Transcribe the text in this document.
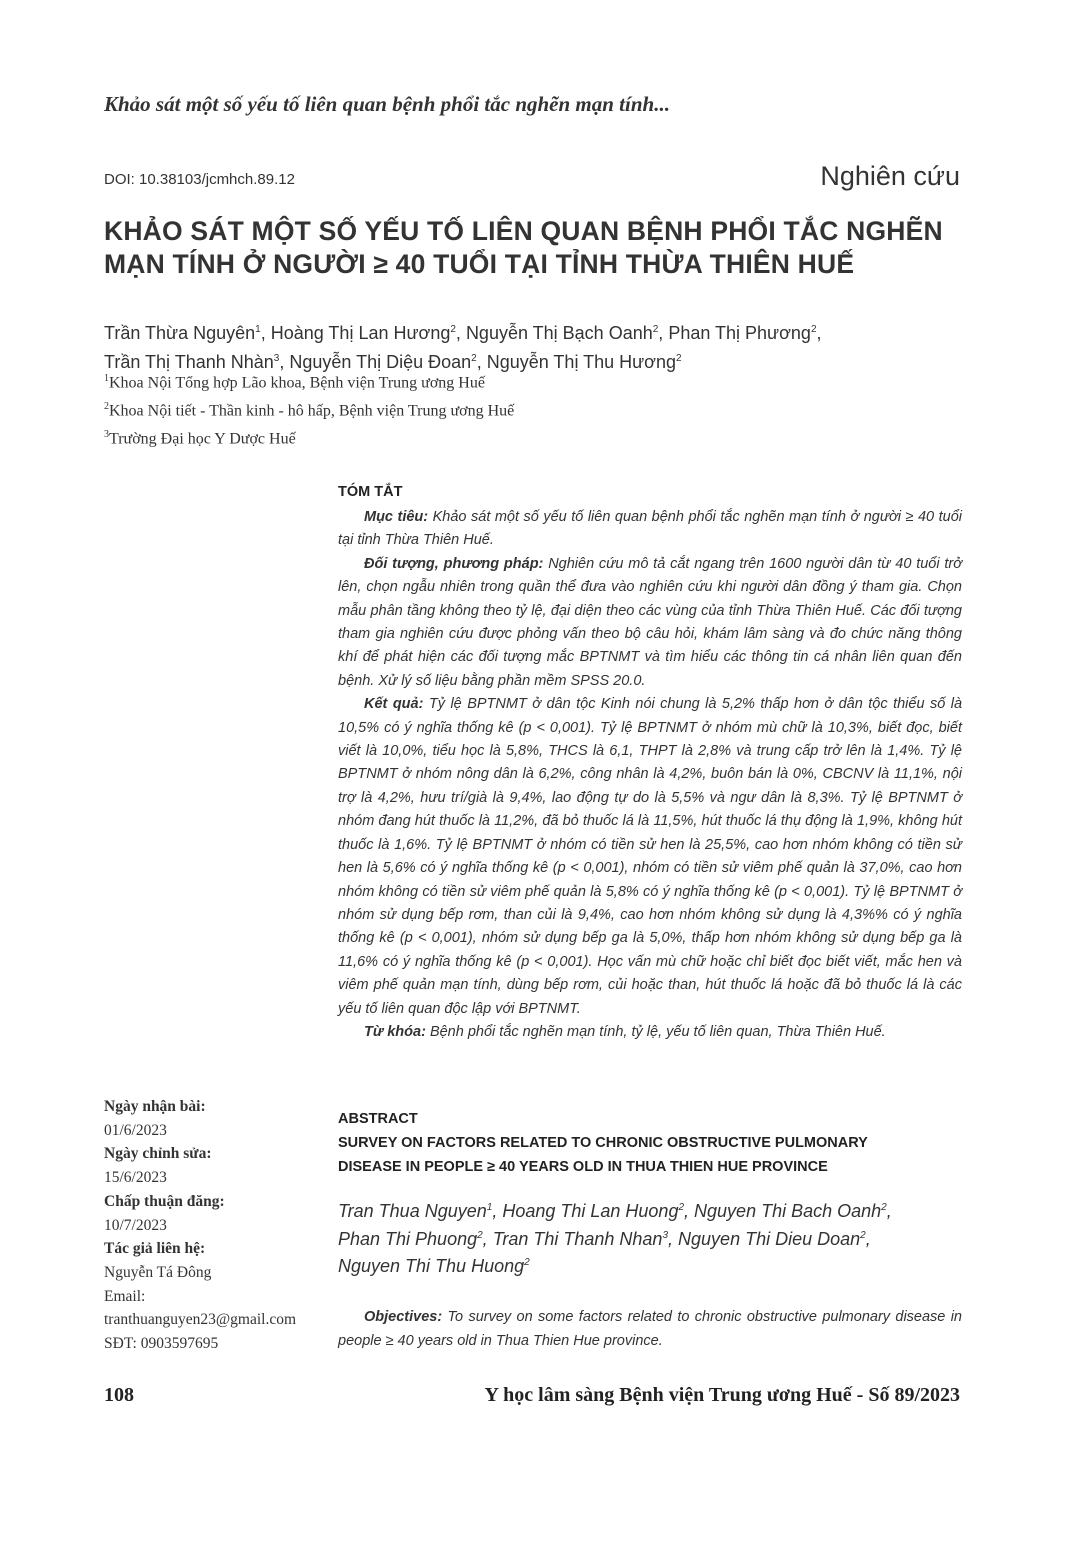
Khảo sát một số yếu tố liên quan bệnh phổi tắc nghẽn mạn tính...
DOI: 10.38103/jcmhch.89.12	Nghiên cứu
KHẢO SÁT MỘT SỐ YẾU TỐ LIÊN QUAN BỆNH PHỔI TẮC NGHẼN
MẠN TÍNH Ở NGƯỜI ≥ 40 TUỔI TẠI TỈNH THỪA THIÊN HUẾ
Trần Thừa Nguyên$^1$, Hoàng Thị Lan Hương$^2$, Nguyễn Thị Bạch Oanh$^2$, Phan Thị Phương$^2$,
Trần Thị Thanh Nhàn$^3$, Nguyễn Thị Diệu Đoan$^2$, Nguyễn Thị Thu Hương$^2$
$^1$Khoa Nội Tổng hợp Lão khoa, Bệnh viện Trung ương Huế
$^2$Khoa Nội tiết - Thần kinh - hô hấp, Bệnh viện Trung ương Huế
$^3$Trường Đại học Y Dược Huế
TÓM TẮT

Mục tiêu: Khảo sát một số yếu tố liên quan bệnh phổi tắc nghẽn mạn tính ở người ≥ 40 tuổi tại tỉnh Thừa Thiên Huế.

Đối tượng, phương pháp: Nghiên cứu mô tả cắt ngang trên 1600 người dân từ 40 tuổi trở lên, chọn ngẫu nhiên trong quần thể đưa vào nghiên cứu khi người dân đồng ý tham gia. Chọn mẫu phân tầng không theo tỷ lệ, đại diện theo các vùng của tỉnh Thừa Thiên Huế. Các đối tượng tham gia nghiên cứu được phỏng vấn theo bộ câu hỏi, khám lâm sàng và đo chức năng thông khí để phát hiện các đối tượng mắc BPTNMT và tìm hiểu các thông tin cá nhân liên quan đến bệnh. Xử lý số liệu bằng phần mềm SPSS 20.0.

Kết quả: Tỷ lệ BPTNMT ở dân tộc Kinh nói chung là 5,2% thấp hơn ở dân tộc thiểu số là 10,5% có ý nghĩa thống kê (p < 0,001). Tỷ lệ BPTNMT ở nhóm mù chữ là 10,3%, biết đọc, biết viết là 10,0%, tiểu học là 5,8%, THCS là 6,1, THPT là 2,8% và trung cấp trở lên là 1,4%. Tỷ lệ BPTNMT ở nhóm nông dân là 6,2%, công nhân là 4,2%, buôn bán là 0%, CBCNV là 11,1%, nội trợ là 4,2%, hưu trí/già là 9,4%, lao động tự do là 5,5% và ngư dân là 8,3%. Tỷ lệ BPTNMT ở nhóm đang hút thuốc là 11,2%, đã bỏ thuốc lá là 11,5%, hút thuốc lá thụ động là 1,9%, không hút thuốc là 1,6%. Tỷ lệ BPTNMT ở nhóm có tiền sử hen là 25,5%, cao hơn nhóm không có tiền sử hen là 5,6% có ý nghĩa thống kê (p < 0,001), nhóm có tiền sử viêm phế quản là 37,0%, cao hơn nhóm không có tiền sử viêm phế quản là 5,8% có ý nghĩa thống kê (p < 0,001). Tỷ lệ BPTNMT ở nhóm sử dụng bếp rơm, than củi là 9,4%, cao hơn nhóm không sử dụng là 4,3%% có ý nghĩa thống kê (p < 0,001), nhóm sử dụng bếp ga là 5,0%, thấp hơn nhóm không sử dụng bếp ga là 11,6% có ý nghĩa thống kê (p < 0,001). Học vấn mù chữ hoặc chỉ biết đọc biết viết, mắc hen và viêm phế quản mạn tính, dùng bếp rơm, củi hoặc than, hút thuốc lá hoặc đã bỏ thuốc lá là các yếu tố liên quan độc lập với BPTNMT.

Từ khóa: Bệnh phổi tắc nghẽn mạn tính, tỷ lệ, yếu tố liên quan, Thừa Thiên Huế.

Ngày nhận bài:
01/6/2023
Ngày chỉnh sửa:
15/6/2023
Chấp thuận đăng:
10/7/2023
Tác giả liên hệ:
Nguyễn Tá Đông
Email:
tranthuanguyen23@gmail.com
SĐT: 0903597695
ABSTRACT
SURVEY ON FACTORS RELATED TO CHRONIC OBSTRUCTIVE PULMONARY
DISEASE IN PEOPLE ≥ 40 YEARS OLD IN THUA THIEN HUE PROVINCE
Tran Thua Nguyen$^1$, Hoang Thi Lan Huong$^2$, Nguyen Thi Bach Oanh$^2$,
Phan Thi Phuong$^2$, Tran Thi Thanh Nhan$^3$, Nguyen Thi Dieu Doan$^2$,
Nguyen Thi Thu Huong$^2$

Objectives: To survey on some factors related to chronic obstructive pulmonary disease in people ≥ 40 years old in Thua Thien Hue province.

108	Y học lâm sàng Bệnh viện Trung ương Huế - Số 89/2023
